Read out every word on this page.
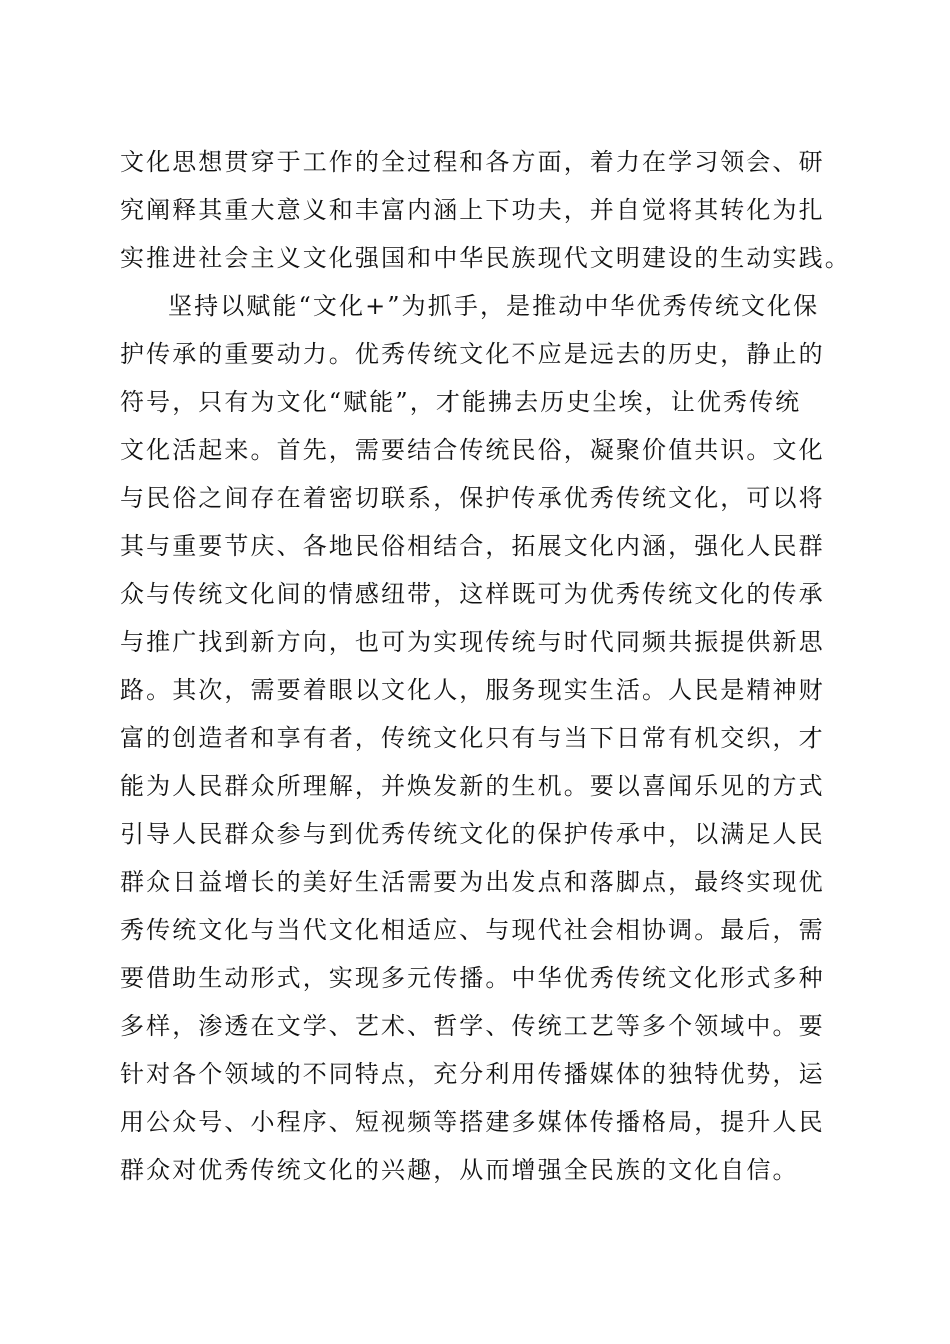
文化思想贯穿于工作的全过程和各方面，着力在学习领会、研
究阐释其重大意义和丰富内涵上下功夫，并自觉将其转化为扎
实推进社会主义文化强国和中华民族现代文明建设的生动实践。
坚持以赋能“文化+”为抓手，是推动中华优秀传统文化保
护传承的重要动力。优秀传统文化不应是远去的历史，静止的
符号，只有为文化“赋能”，才能拂去历史尘埃，让优秀传统
文化活起来。首先，需要结合传统民俗，凝聚价值共识。文化
与民俗之间存在着密切联系，保护传承优秀传统文化，可以将
其与重要节庆、各地民俗相结合，拓展文化内涵，强化人民群
众与传统文化间的情感纽带，这样既可为优秀传统文化的传承
与推广找到新方向，也可为实现传统与时代同频共振提供新思
路。其次，需要着眼以文化人，服务现实生活。人民是精神财
富的创造者和享有者，传统文化只有与当下日常有机交织，才
能为人民群众所理解，并焕发新的生机。要以喜闻乐见的方式
引导人民群众参与到优秀传统文化的保护传承中，以满足人民
群众日益增长的美好生活需要为出发点和落脚点，最终实现优
秀传统文化与当代文化相适应、与现代社会相协调。最后，需
要借助生动形式，实现多元传播。中华优秀传统文化形式多种
多样，渗透在文学、艺术、哲学、传统工艺等多个领域中。要
针对各个领域的不同特点，充分利用传播媒体的独特优势，运
用公众号、小程序、短视频等搭建多媒体传播格局，提升人民
群众对优秀传统文化的兴趣，从而增强全民族的文化自信。
